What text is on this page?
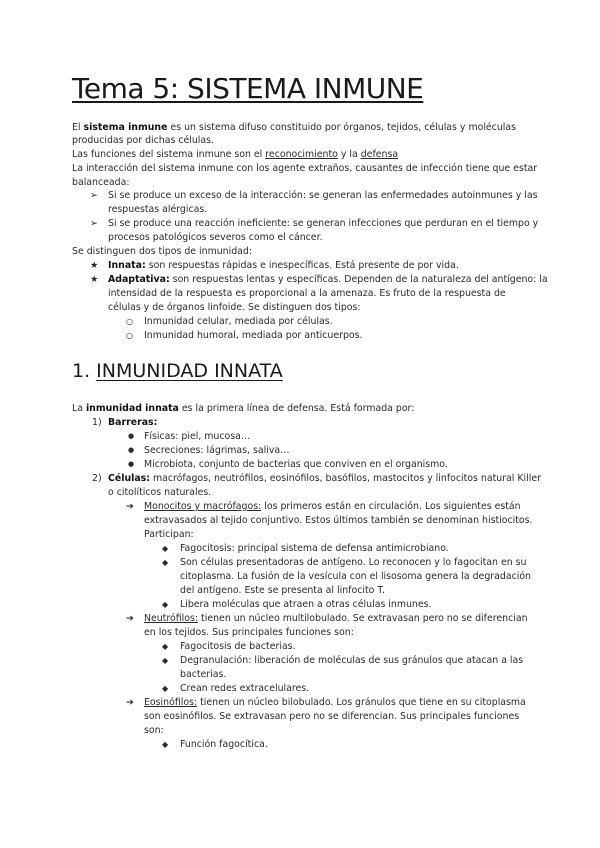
Tema 5: SISTEMA INMUNE

El sistema inmune es un sistema difuso constituido por órganos, tejidos, células y moléculas

producidas por dichas células.

Las funciones del sistema inmune son el reconocimiento y la defensa

La interacción del sistema inmune con los agente extraños, causantes de infección tiene que estar

balanceada:

➢ Si se produce un exceso de la interacción: se generan las enfermedades autoinmunes y las

respuestas alérgicas.

➢ Si se produce una reacción ineficiente: se generan infecciones que perduran en el tiempo y

procesos patológicos severos como el cáncer.

Se distinguen dos tipos de inmunidad:

★ Innata: son respuestas rápidas e inespecíficas. Está presente de por vida.

★ Adaptativa: son respuestas lentas y específicas. Dependen de la naturaleza del antígeno: la

intensidad de la respuesta es proporcional a la amenaza. Es fruto de la respuesta de

células y de órganos linfoide. Se distinguen dos tipos:

○ Inmunidad celular, mediada por células.

○ Inmunidad humoral, mediada por anticuerpos.

1. INMUNIDAD INNATA

La inmunidad innata es la primera línea de defensa. Está formada por:

1) Barreras:

● Físicas: piel, mucosa…

● Secreciones: lágrimas, saliva…

● Microbiota, conjunto de bacterias que conviven en el organismo.

2) Células: macrófagos, neutrófilos, eosinófilos, basófilos, mastocitos y linfocitos natural Killer

o citolíticos naturales.

➔ Monocitos y macrófagos: los primeros están en circulación. Los siguientes están

extravasados al tejido conjuntivo. Estos últimos también se denominan histiocitos.

Participan:

◆ Fagocitosis: principal sistema de defensa antimicrobiano.

◆ Son células presentadoras de antígeno. Lo reconocen y lo fagocitan en su

citoplasma. La fusión de la vesícula con el lisosoma genera la degradación

del antígeno. Este se presenta al linfocito T.

◆ Libera moléculas que atraen a otras células inmunes.

➔ Neutrófilos: tienen un núcleo multilobulado. Se extravasan pero no se diferencian

en los tejidos. Sus principales funciones son:

◆ Fagocitosis de bacterias.

◆ Degranulación: liberación de moléculas de sus gránulos que atacan a las

bacterias.

◆ Crean redes extracelulares.

➔ Eosinófilos: tienen un núcleo bilobulado. Los gránulos que tiene en su citoplasma

son eosinófilos. Se extravasan pero no se diferencian. Sus principales funciones

son:

◆ Función fagocítica.
